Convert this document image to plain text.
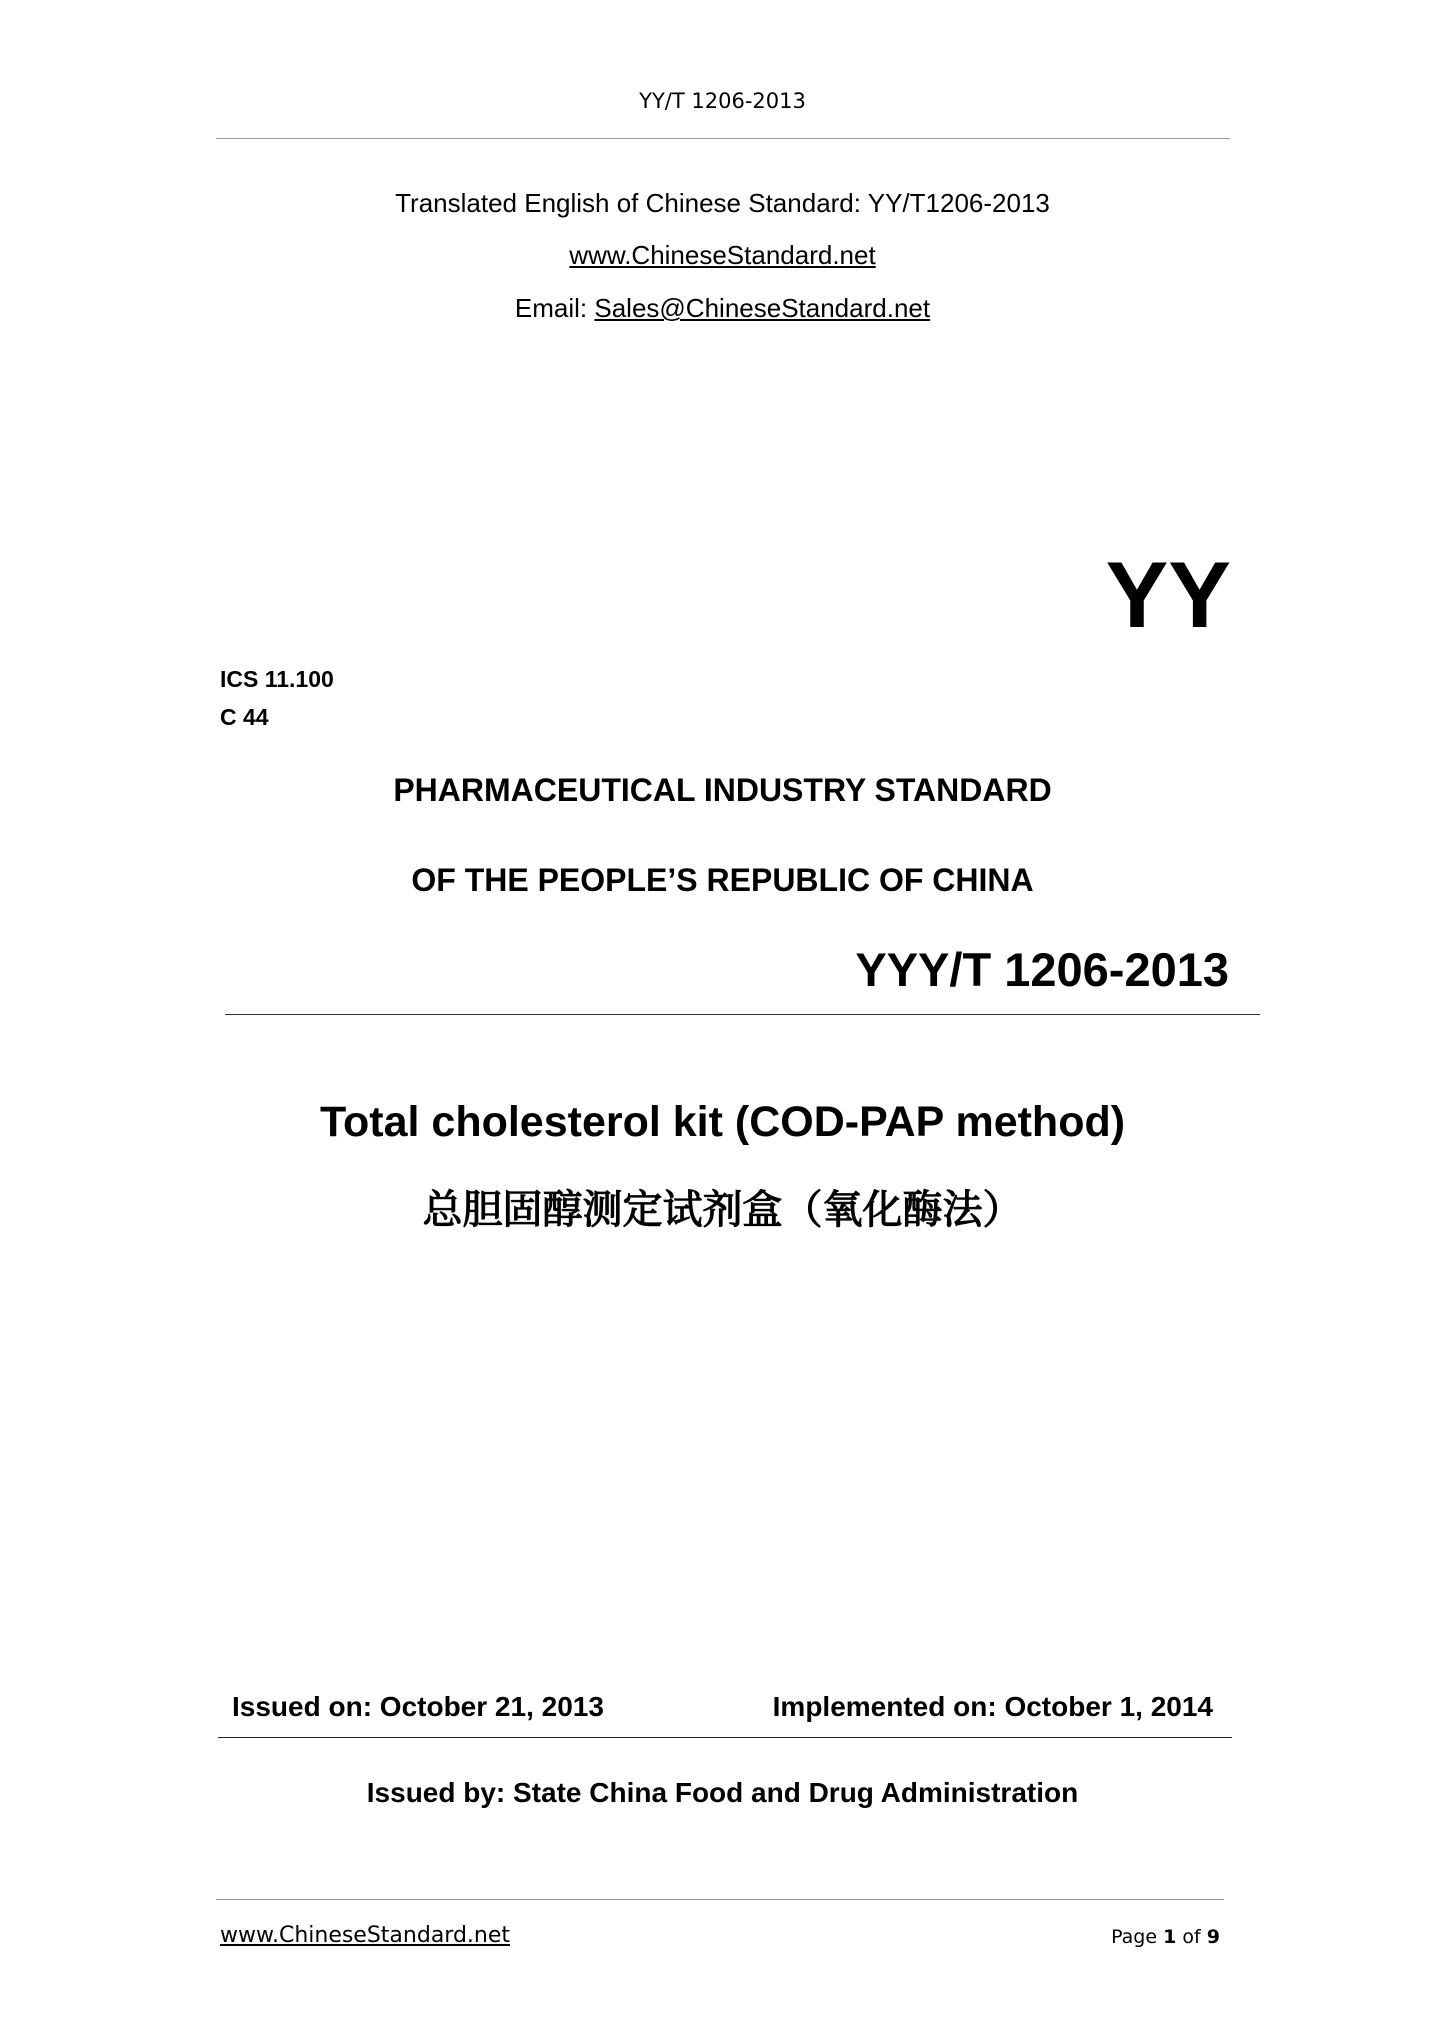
YY/T 1206-2013
Translated English of Chinese Standard: YY/T1206-2013
www.ChineseStandard.net
Email: Sales@ChineseStandard.net
YY
ICS 11.100
C 44
PHARMACEUTICAL INDUSTRY STANDARD
OF THE PEOPLE’S REPUBLIC OF CHINA
YYY/T 1206-2013
Total cholesterol kit (COD-PAP method)
总胆固醇测定试剂盒（氧化酶法）
Issued on: October 21, 2013	Implemented on: October 1, 2014
Issued by: State China Food and Drug Administration
www.ChineseStandard.net	Page 1 of 9
